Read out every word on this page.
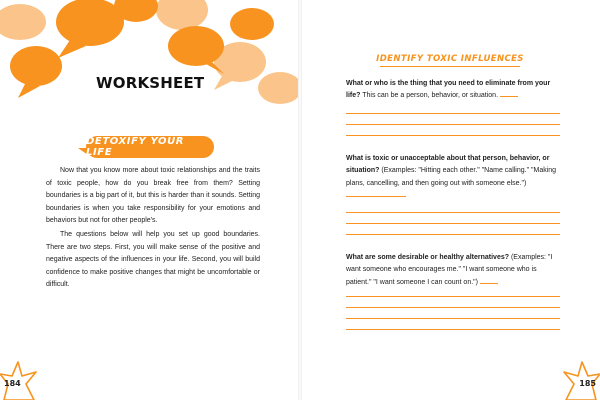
WORKSHEET
DETOXIFY YOUR LIFE

Now that you know more about toxic relationships and the traits of toxic people, how do you break free from them? Setting boundaries is a big part of it, but this is harder than it sounds. Setting boundaries is when you take responsibility for your emotions and behaviors but not for other people's.

The questions below will help you set up good boundaries. There are two steps. First, you will make sense of the positive and negative aspects of the influences in your life. Second, you will build confidence to make positive changes that might be uncomfortable or difficult.

184
IDENTIFY TOXIC INFLUENCES
What or who is the thing that you need to eliminate from your life? This can be a person, behavior, or situation.
What is toxic or unacceptable about that person, behavior, or situation? (Examples: "Hitting each other." "Name calling." "Making plans, cancelling, and then going out with someone else.")
What are some desirable or healthy alternatives? (Examples: "I want someone who encourages me." "I want someone who is patient." "I want someone I can count on.")
185
